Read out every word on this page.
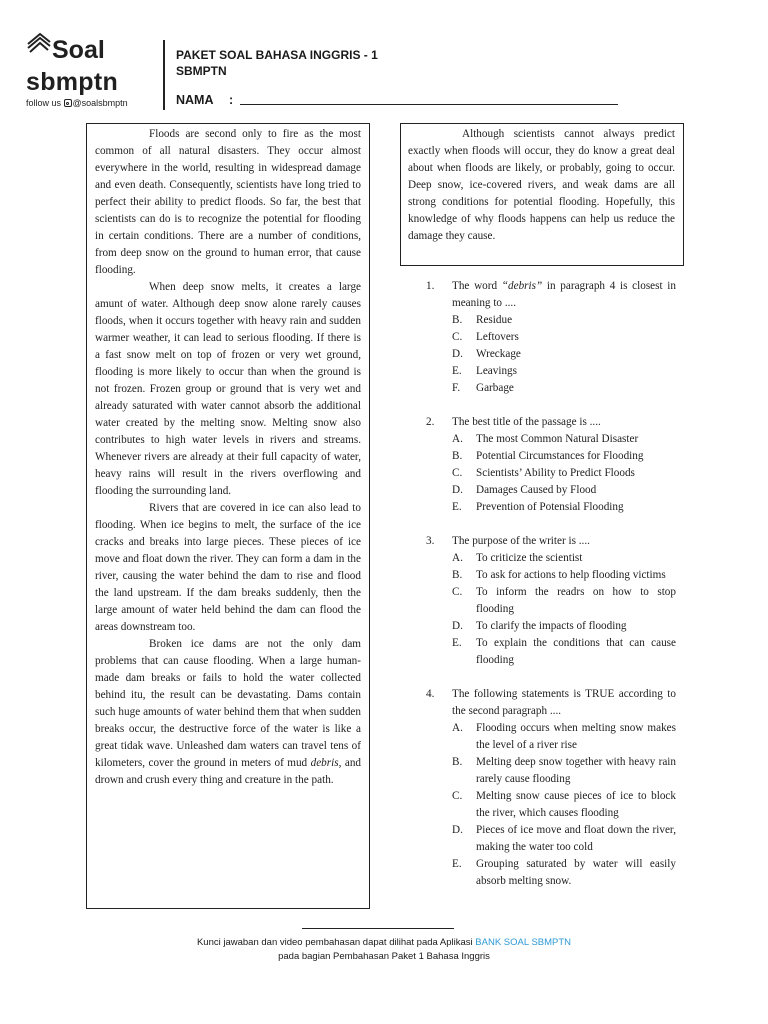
Soal
sbmptn
follow us @soalsbmptn
PAKET SOAL BAHASA INGGRIS - 1
SBMPTN
NAMA :

Floods are second only to fire as the most common of all natural disasters. They occur almost everywhere in the world, resulting in widespread damage and even death. Consequently, scientists have long tried to perfect their ability to predict floods. So far, the best that scientists can do is to recognize the potential for flooding in certain conditions. There are a number of conditions, from deep snow on the ground to human error, that cause flooding.

When deep snow melts, it creates a large amunt of water. Although deep snow alone rarely causes floods, when it occurs together with heavy rain and sudden warmer weather, it can lead to serious flooding. If there is a fast snow melt on top of frozen or very wet ground, flooding is more likely to occur than when the ground is not frozen. Frozen group or ground that is very wet and already saturated with water cannot absorb the additional water created by the melting snow. Melting snow also contributes to high water levels in rivers and streams. Whenever rivers are already at their full capacity of water, heavy rains will result in the rivers overflowing and flooding the surrounding land.

Rivers that are covered in ice can also lead to flooding. When ice begins to melt, the surface of the ice cracks and breaks into large pieces. These pieces of ice move and float down the river. They can form a dam in the river, causing the water behind the dam to rise and flood the land upstream. If the dam breaks suddenly, then the large amount of water held behind the dam can flood the areas downstream too.

Broken ice dams are not the only dam problems that can cause flooding. When a large human-made dam breaks or fails to hold the water collected behind itu, the result can be devastating. Dams contain such huge amounts of water behind them that when sudden breaks occur, the destructive force of the water is like a great tidak wave. Unleashed dam waters can travel tens of kilometers, cover the ground in meters of mud debris, and drown and crush every thing and creature in the path.

Although scientists cannot always predict exactly when floods will occur, they do know a great deal about when floods are likely, or probably, going to occur. Deep snow, ice-covered rivers, and weak dams are all strong conditions for potential flooding. Hopefully, this knowledge of why floods happens can help us reduce the damage they cause.

1. The word “debris” in paragraph 4 is closest in meaning to ....
B. Residue
C. Leftovers
D. Wreckage
E. Leavings
F. Garbage
2. The best title of the passage is ....
A. The most Common Natural Disaster
B. Potential Circumstances for Flooding
C. Scientists’ Ability to Predict Floods
D. Damages Caused by Flood
E. Prevention of Potensial Flooding
3. The purpose of the writer is ....
A. To criticize the scientist
B. To ask for actions to help flooding victims
C. To inform the readrs on how to stop flooding
D. To clarify the impacts of flooding
E. To explain the conditions that can cause flooding
4. The following statements is TRUE according to the second paragraph ....
A. Flooding occurs when melting snow makes the level of a river rise
B. Melting deep snow together with heavy rain rarely cause flooding
C. Melting snow cause pieces of ice to block the river, which causes flooding
D. Pieces of ice move and float down the river, making the water too cold
E. Grouping saturated by water will easily absorb melting snow.
Kunci jawaban dan video pembahasan dapat dilihat pada Aplikasi BANK SOAL SBMPTN
pada bagian Pembahasan Paket 1 Bahasa Inggris
